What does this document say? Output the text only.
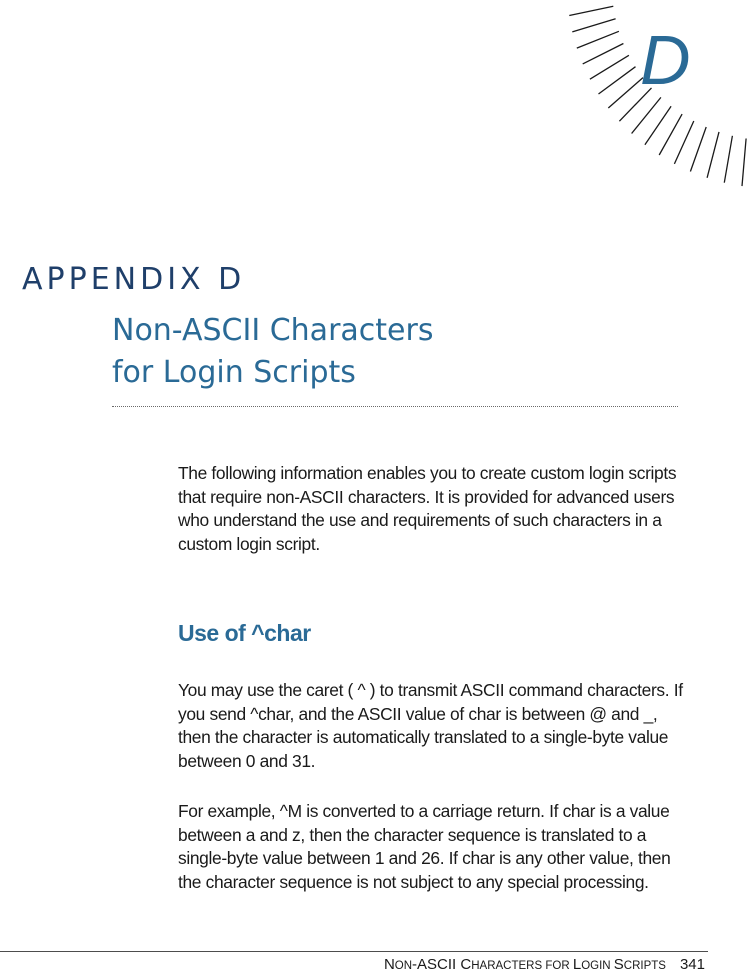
D
APPENDIX D
Non-ASCII Characters
for Login Scripts

The following information enables you to create custom login scripts that require non-ASCII characters. It is provided for advanced users who understand the use and requirements of such characters in a custom login script.

Use of ^char

You may use the caret ( ^ ) to transmit ASCII command characters. If you send ^char, and the ASCII value of char is between @ and _, then the character is automatically translated to a single-byte value between 0 and 31.

For example, ^M is converted to a carriage return. If char is a value between a and z, then the character sequence is translated to a single-byte value between 1 and 26. If char is any other value, then the character sequence is not subject to any special processing.

NON-ASCII CHARACTERS FOR LOGIN SCRIPTS 341
